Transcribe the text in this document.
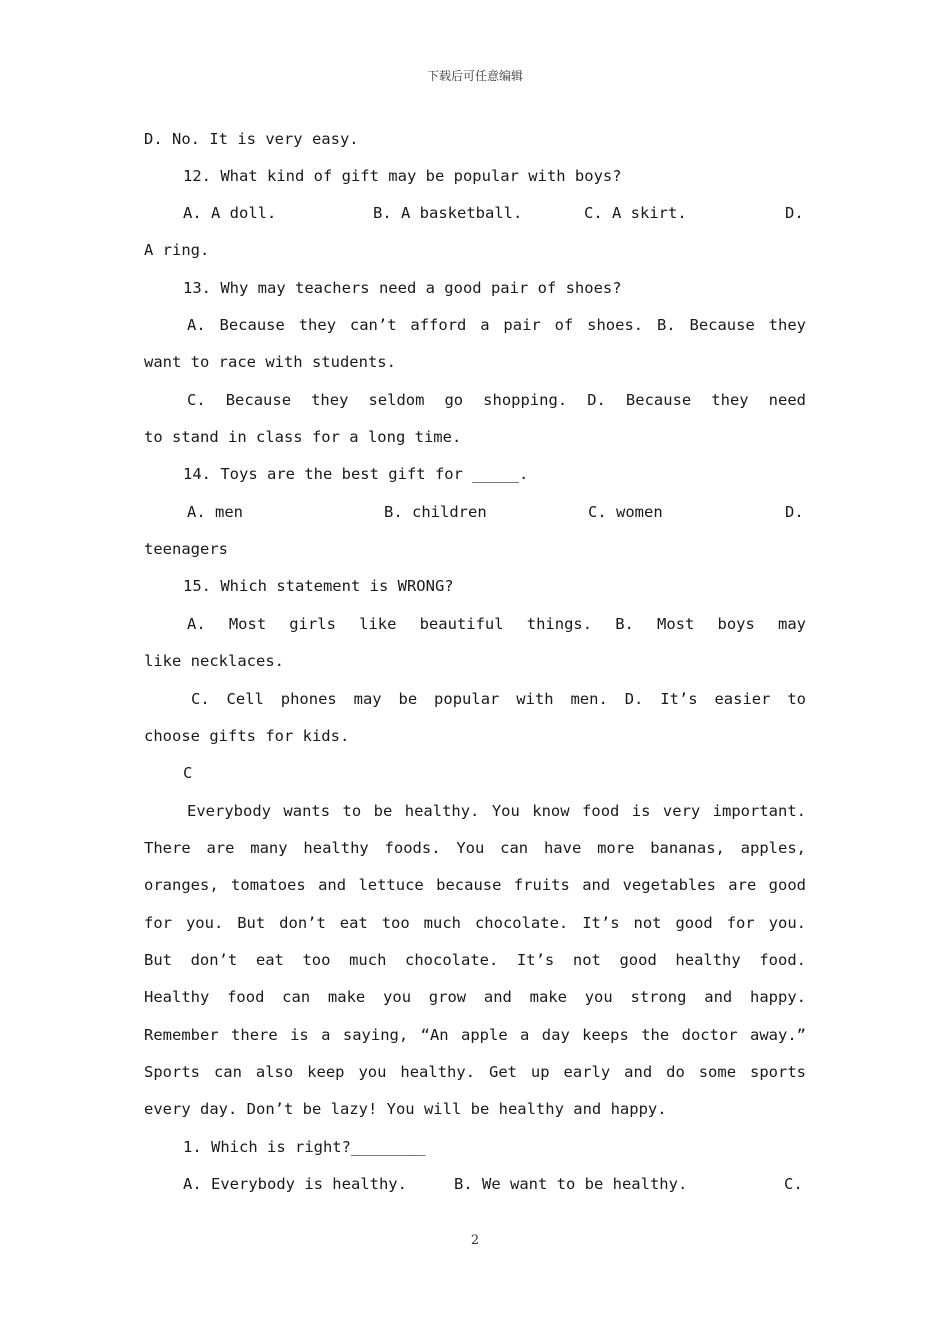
下载后可任意编辑
D. No. It is very easy.
12. What kind of gift may be popular with boys?
A. A doll.	B. A basketball.	C. A skirt.	D.
A ring.
13. Why may teachers need a good pair of shoes?
A. Because they can’t afford a pair of shoes. B. Because they
want to race with students.
C. Because they seldom go shopping. D. Because they need
to stand in class for a long time.
14. Toys are the best gift for _____.
A. men	B. children	C. women	D.
teenagers
15. Which statement is WRONG?
A. Most girls like beautiful things. B. Most boys may
like necklaces.
C. Cell phones may be popular with men. D. It’s easier to
choose gifts for kids.
C
Everybody wants to be healthy. You know food is very important.
There are many healthy foods. You can have more bananas, apples,
oranges, tomatoes and lettuce because fruits and vegetables are good
for you. But don’t eat too much chocolate. It’s not good for you.
But don’t eat too much chocolate. It’s not good healthy food.
Healthy food can make you grow and make you strong and happy.
Remember there is a saying, “An apple a day keeps the doctor away.”
Sports can also keep you healthy. Get up early and do some sports
every day. Don’t be lazy! You will be healthy and happy.
1. Which is right?________
A. Everybody is healthy.	B. We want to be healthy.	C.
2
